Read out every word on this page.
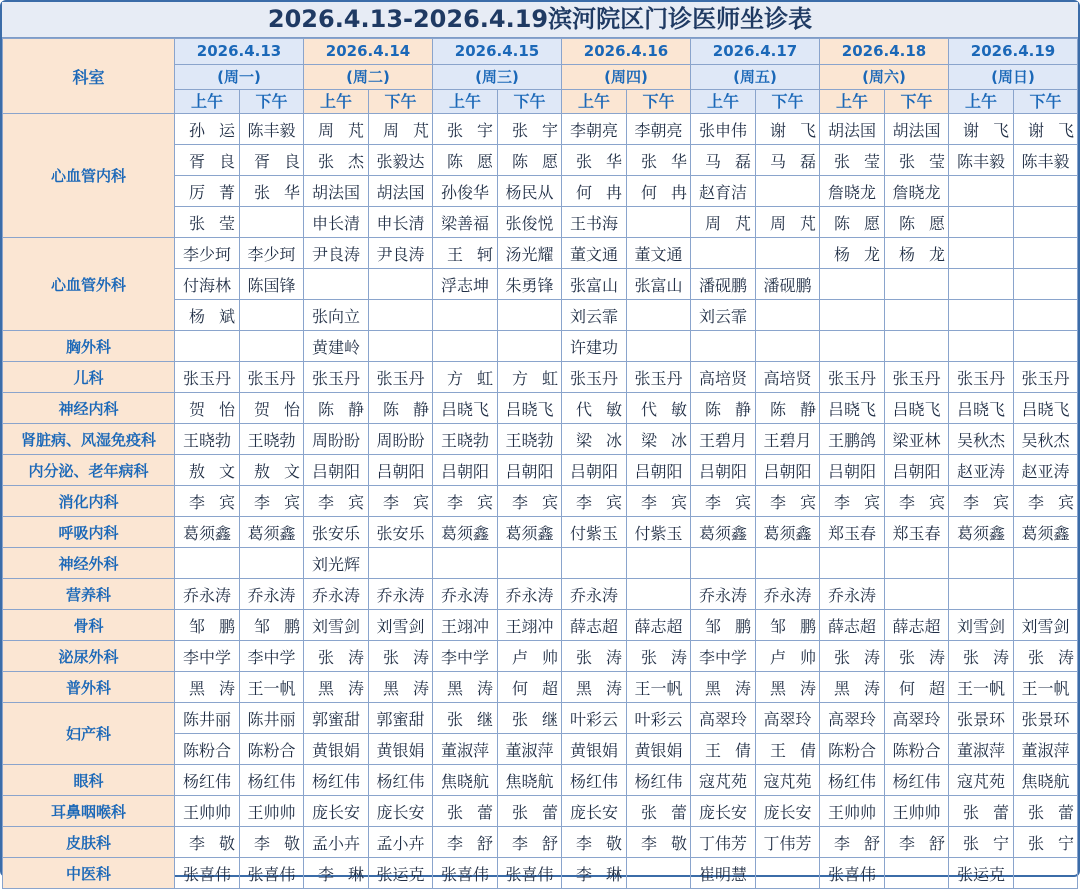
2026.4.13-2026.4.19滨河院区门诊医师坐诊表
科室	2026.4.13		2026.4.14		2026.4.15		2026.4.16		2026.4.17		2026.4.18		2026.4.19	
	(周一)		(周二)		(周三)		(周四)		(周五)		(周六)		(周日)	
	上午	下午	上午	下午	上午	下午	上午	下午	上午	下午	上午	下午	上午	下午
心血管内科	孙运	陈丰毅	周芃	周芃	张宇	张宇	李朝亮	李朝亮	张申伟	谢飞	胡法国	胡法国	谢飞	谢飞
	胥良	胥良	张杰	张毅达	陈愿	陈愿	张华	张华	马磊	马磊	张莹	张莹	陈丰毅	陈丰毅
	厉菁	张华	胡法国	胡法国	孙俊华	杨民从	何冉	何冉	赵育洁		詹晓龙	詹晓龙		
	张莹		申长清	申长清	梁善福	张俊悦	王书海		周芃	周芃	陈愿	陈愿		
心血管外科	李少珂	李少珂	尹良涛	尹良涛	王轲	汤光耀	董文通	董文通			杨龙	杨龙		
	付海林	陈国锋			浮志坤	朱勇锋	张富山	张富山	潘砚鹏	潘砚鹏				
	杨斌		张向立				刘云霏		刘云霏					
胸外科			黄建岭				许建功							
儿科	张玉丹	张玉丹	张玉丹	张玉丹	方虹	方虹	张玉丹	张玉丹	高培贤	高培贤	张玉丹	张玉丹	张玉丹	张玉丹
神经内科	贺怡	贺怡	陈静	陈静	吕晓飞	吕晓飞	代敏	代敏	陈静	陈静	吕晓飞	吕晓飞	吕晓飞	吕晓飞
肾脏病、风湿免疫科	王晓勃	王晓勃	周盼盼	周盼盼	王晓勃	王晓勃	梁冰	梁冰	王碧月	王碧月	王鹏鸽	梁亚林	吴秋杰	吴秋杰
内分泌、老年病科	敖文	敖文	吕朝阳	吕朝阳	吕朝阳	吕朝阳	吕朝阳	吕朝阳	吕朝阳	吕朝阳	吕朝阳	吕朝阳	赵亚涛	赵亚涛
消化内科	李宾	李宾	李宾	李宾	李宾	李宾	李宾	李宾	李宾	李宾	李宾	李宾	李宾	李宾
呼吸内科	葛须鑫	葛须鑫	张安乐	张安乐	葛须鑫	葛须鑫	付紫玉	付紫玉	葛须鑫	葛须鑫	郑玉春	郑玉春	葛须鑫	葛须鑫
神经外科			刘光辉											
营养科	乔永涛	乔永涛	乔永涛	乔永涛	乔永涛	乔永涛	乔永涛		乔永涛	乔永涛	乔永涛			
骨科	邹鹏	邹鹏	刘雪剑	刘雪剑	王翊冲	王翊冲	薛志超	薛志超	邹鹏	邹鹏	薛志超	薛志超	刘雪剑	刘雪剑
泌尿外科	李中学	李中学	张涛	张涛	李中学	卢帅	张涛	张涛	李中学	卢帅	张涛	张涛	张涛	张涛
普外科	黑涛	王一帆	黑涛	黑涛	黑涛	何超	黑涛	王一帆	黑涛	黑涛	黑涛	何超	王一帆	王一帆
妇产科	陈井丽	陈井丽	郭蜜甜	郭蜜甜	张继	张继	叶彩云	叶彩云	高翠玲	高翠玲	高翠玲	高翠玲	张景环	张景环
	陈粉合	陈粉合	黄银娟	黄银娟	董淑萍	董淑萍	黄银娟	黄银娟	王倩	王倩	陈粉合	陈粉合	董淑萍	董淑萍
眼科	杨红伟	杨红伟	杨红伟	杨红伟	焦晓航	焦晓航	杨红伟	杨红伟	寇芃苑	寇芃苑	杨红伟	杨红伟	寇芃苑	焦晓航
耳鼻咽喉科	王帅帅	王帅帅	庞长安	庞长安	张蕾	张蕾	庞长安	张蕾	庞长安	庞长安	王帅帅	王帅帅	张蕾	张蕾
皮肤科	李敬	李敬	孟小卉	孟小卉	李舒	李舒	李敬	李敬	丁伟芳	丁伟芳	李舒	李舒	张宁	张宁
中医科	张喜伟	张喜伟	李琳	张运克	张喜伟	张喜伟	李琳		崔明慧		张喜伟		张运克	
